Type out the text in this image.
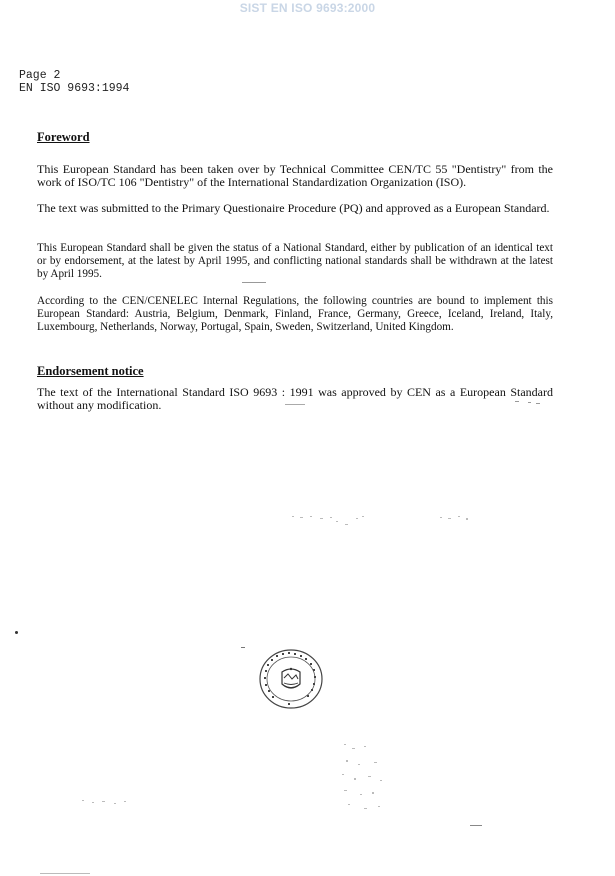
SIST EN ISO 9693:2000
Page 2
EN ISO 9693:1994
Foreword
This European Standard has been taken over by Technical Committee CEN/TC 55 "Dentistry" from the work of ISO/TC 106 "Dentistry" of the International Standardization Organization (ISO).
The text was submitted to the Primary Questionaire Procedure (PQ) and approved as a European Standard.
This European Standard shall be given the status of a National Standard, either by publication of an identical text or by endorsement, at the latest by April 1995, and conflicting national standards shall be withdrawn at the latest by April 1995.
According to the CEN/CENELEC Internal Regulations, the following countries are bound to implement this European Standard: Austria, Belgium, Denmark, Finland, France, Germany, Greece, Iceland, Ireland, Italy, Luxembourg, Netherlands, Norway, Portugal, Spain, Sweden, Switzerland, United Kingdom.
Endorsement notice
The text of the International Standard ISO 9693 : 1991 was approved by CEN as a European Standard without any modification.
